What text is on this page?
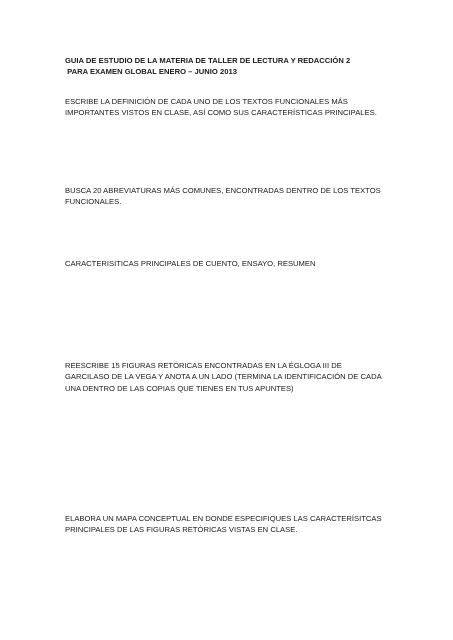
GUIA DE ESTUDIO DE LA MATERIA DE TALLER DE LECTURA Y REDACCIÓN 2
PARA EXAMEN GLOBAL ENERO – JUNIO 2013

ESCRIBE LA DEFINICIÓN DE CADA UNO DE LOS TEXTOS FUNCIONALES MÁS IMPORTANTES VISTOS EN CLASE, ASÍ COMO SUS CARACTERÍSTICAS PRINCIPALES.

BUSCA 20 ABREVIATURAS MÁS COMUNES, ENCONTRADAS DENTRO DE LOS TEXTOS FUNCIONALES.

CARACTERISITICAS PRINCIPALES DE CUENTO, ENSAYO, RESUMEN

REESCRIBE 15 FIGURAS RETÓRICAS ENCONTRADAS EN LA ÉGLOGA III DE GARCILASO DE LA VEGA Y ANOTA A UN LADO (TERMINA LA IDENTIFICACIÓN DE CADA UNA DENTRO DE LAS COPIAS QUE TIENES EN TUS APUNTES)

ELABORA UN MAPA CONCEPTUAL EN DONDE ESPECIFIQUES LAS CARACTERÍSITCAS PRINCIPALES DE LAS FIGURAS RETÓRICAS VISTAS EN CLASE.
